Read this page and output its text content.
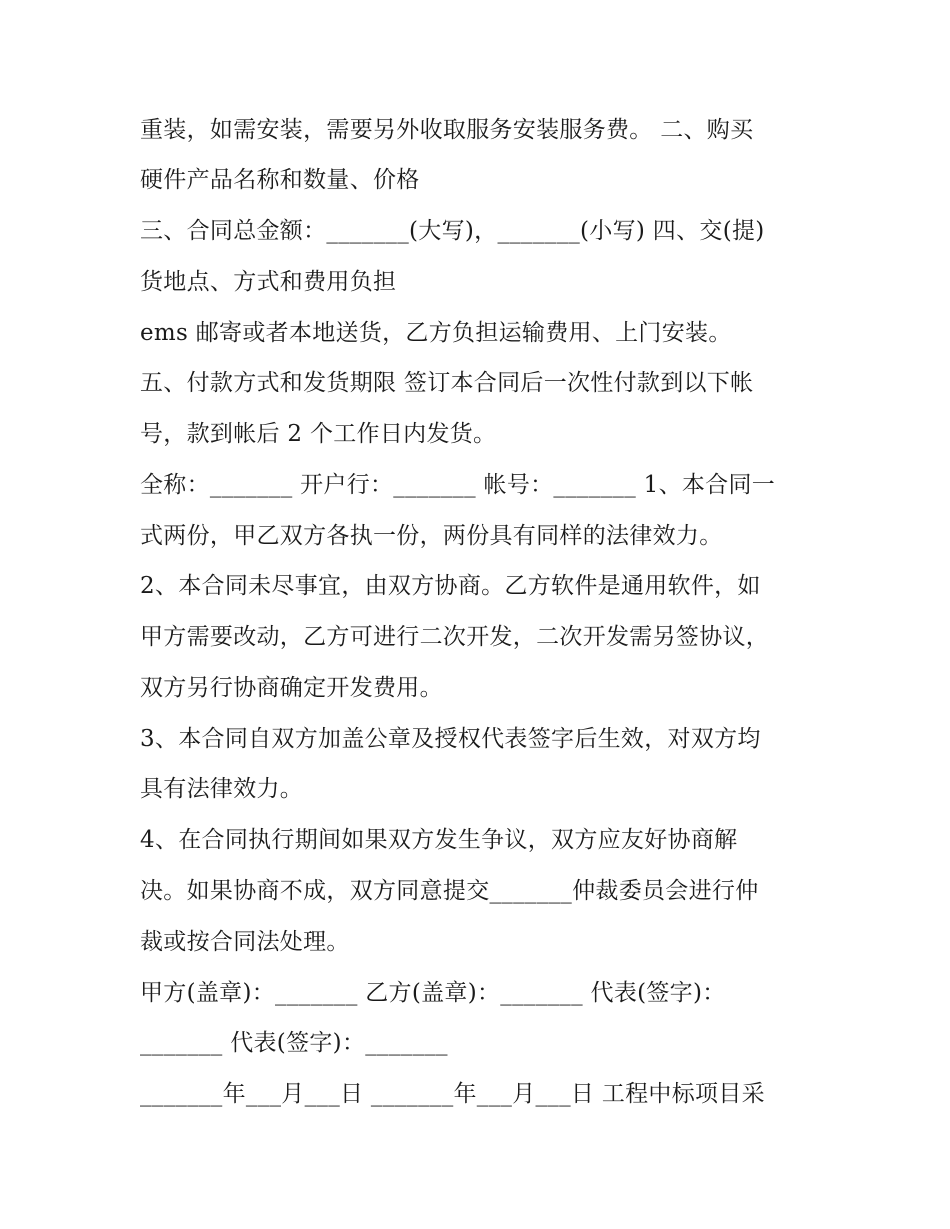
重装，如需安装，需要另外收取服务安装服务费。 二、购买

硬件产品名称和数量、价格

三、合同总金额：_______(大写)，_______(小写) 四、交(提)

货地点、方式和费用负担

ems 邮寄或者本地送货，乙方负担运输费用、上门安装。

五、付款方式和发货期限 签订本合同后一次性付款到以下帐

号，款到帐后 2 个工作日内发货。

全称：_______ 开户行：_______ 帐号：_______ 1、本合同一

式两份，甲乙双方各执一份，两份具有同样的法律效力。

2、本合同未尽事宜，由双方协商。乙方软件是通用软件，如

甲方需要改动，乙方可进行二次开发，二次开发需另签协议，

双方另行协商确定开发费用。

3、本合同自双方加盖公章及授权代表签字后生效，对双方均

具有法律效力。

4、在合同执行期间如果双方发生争议，双方应友好协商解

决。如果协商不成，双方同意提交_______仲裁委员会进行仲

裁或按合同法处理。

甲方(盖章)：_______ 乙方(盖章)：_______ 代表(签字)：

_______ 代表(签字)：_______

_______年___月___日 _______年___月___日 工程中标项目采
